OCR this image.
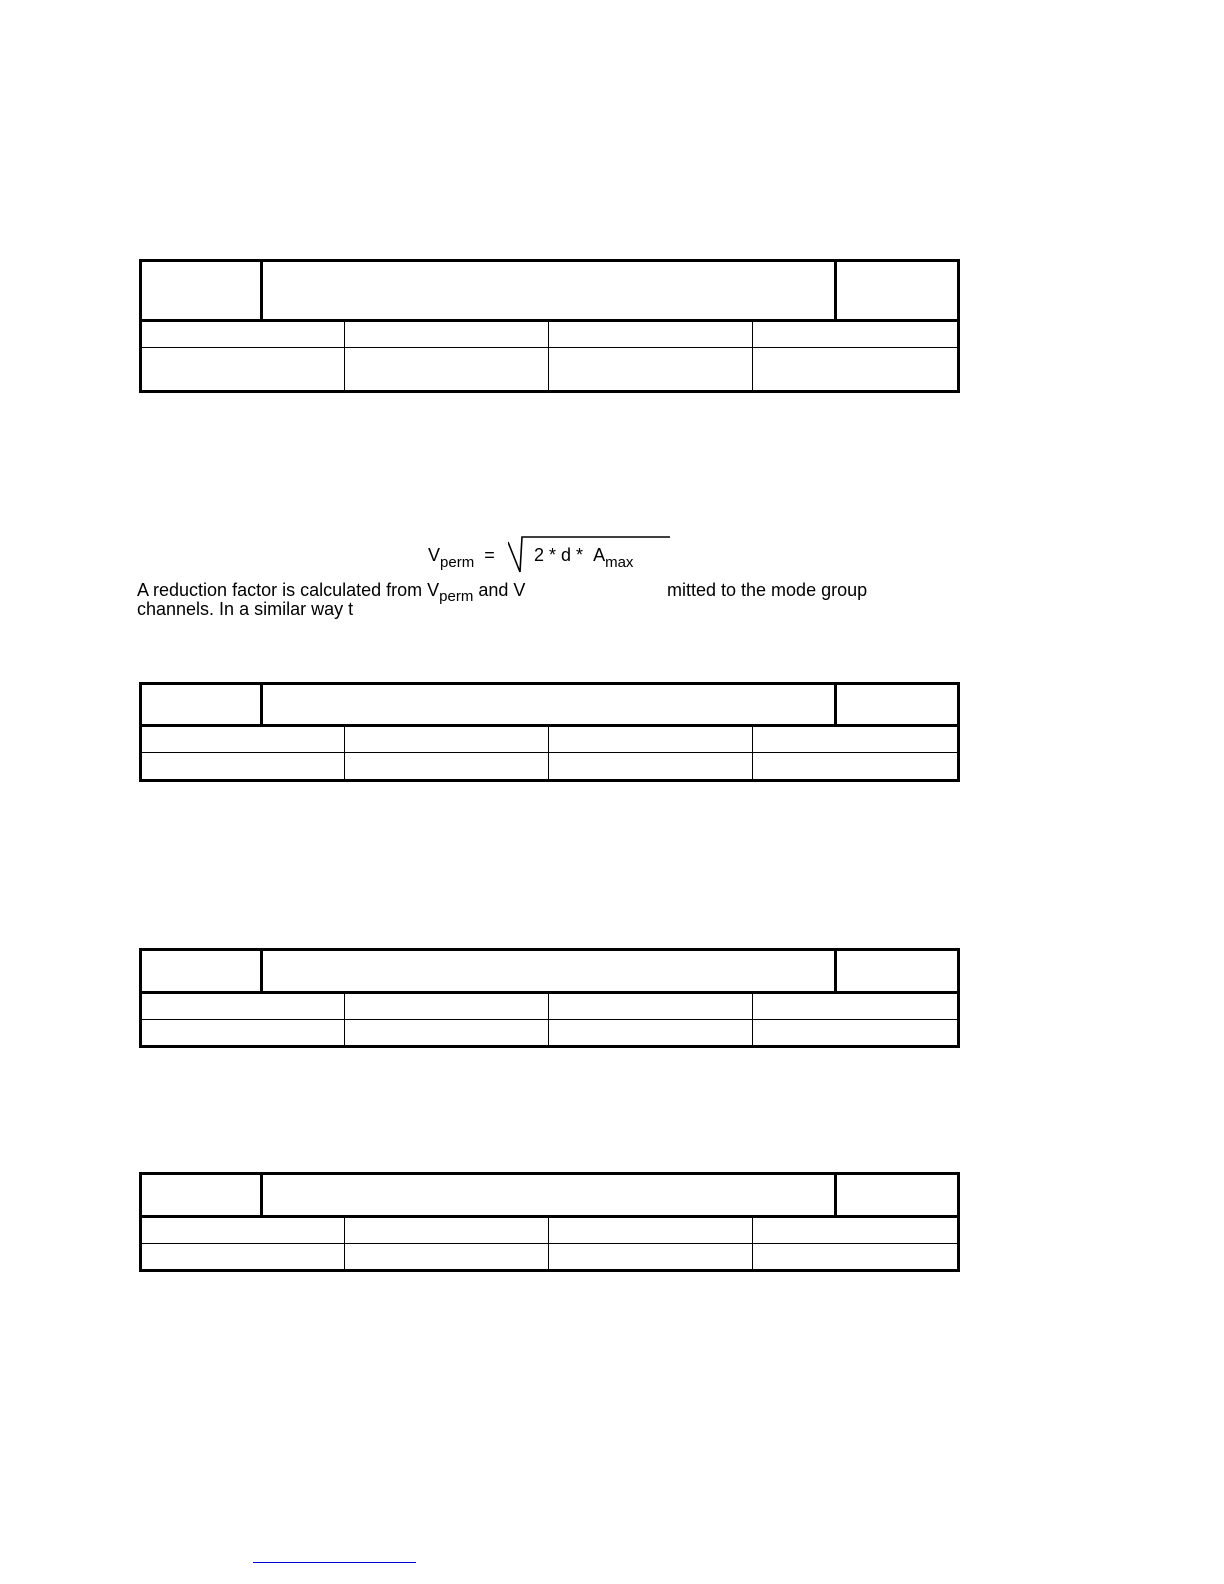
$V_{perm} = 2 * d * A_{max}$
A reduction factor is calculated from $V_{perm}$ and V	mitted to the mode group
channels. In a similar way t
